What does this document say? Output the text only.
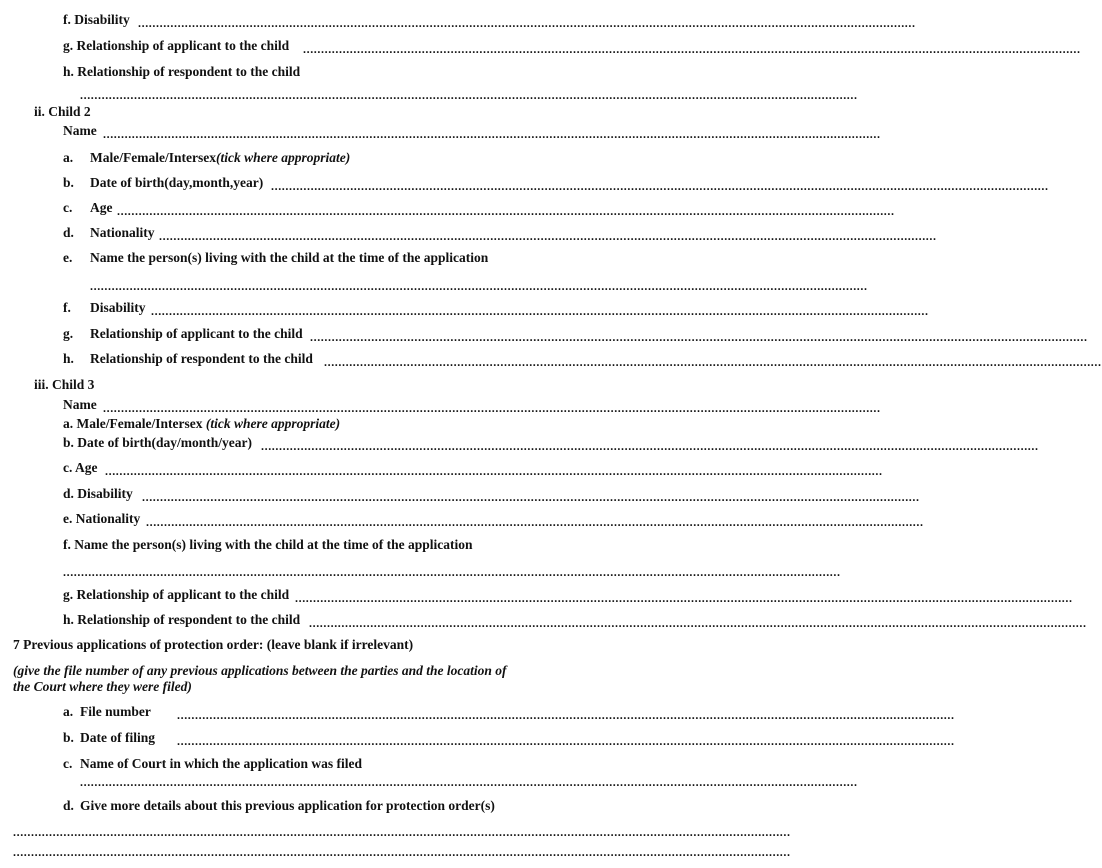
f. Disability ........................................................................................................................................................................................................................
g. Relationship of applicant to the child ........................................................................................................................................................................................................................
h. Relationship of respondent to the child
........................................................................................................................................................................................................................
ii. Child 2
Name ........................................................................................................................................................................................................................
a. Male/Female/Intersex(tick where appropriate)
b. Date of birth(day,month,year) ........................................................................................................................................................................................................................
c. Age ........................................................................................................................................................................................................................
d. Nationality ........................................................................................................................................................................................................................
e. Name the person(s) living with the child at the time of the application
........................................................................................................................................................................................................................
f. Disability ........................................................................................................................................................................................................................
g. Relationship of applicant to the child ........................................................................................................................................................................................................................
h. Relationship of respondent to the child ........................................................................................................................................................................................................................
iii. Child 3
Name ........................................................................................................................................................................................................................
a. Male/Female/Intersex (tick where appropriate)
b. Date of birth(day/month/year) ........................................................................................................................................................................................................................
c. Age ........................................................................................................................................................................................................................
d. Disability ........................................................................................................................................................................................................................
e. Nationality ........................................................................................................................................................................................................................
f. Name the person(s) living with the child at the time of the application
........................................................................................................................................................................................................................
g. Relationship of applicant to the child ........................................................................................................................................................................................................................
h. Relationship of respondent to the child ........................................................................................................................................................................................................................
7 Previous applications of protection order: (leave blank if irrelevant)
(give the file number of any previous applications between the parties and the location of
the Court where they were filed)
a. File number ........................................................................................................................................................................................................................
b. Date of filing ........................................................................................................................................................................................................................
c. Name of Court in which the application was filed
........................................................................................................................................................................................................................
d. Give more details about this previous application for protection order(s)
........................................................................................................................................................................................................................
........................................................................................................................................................................................................................
